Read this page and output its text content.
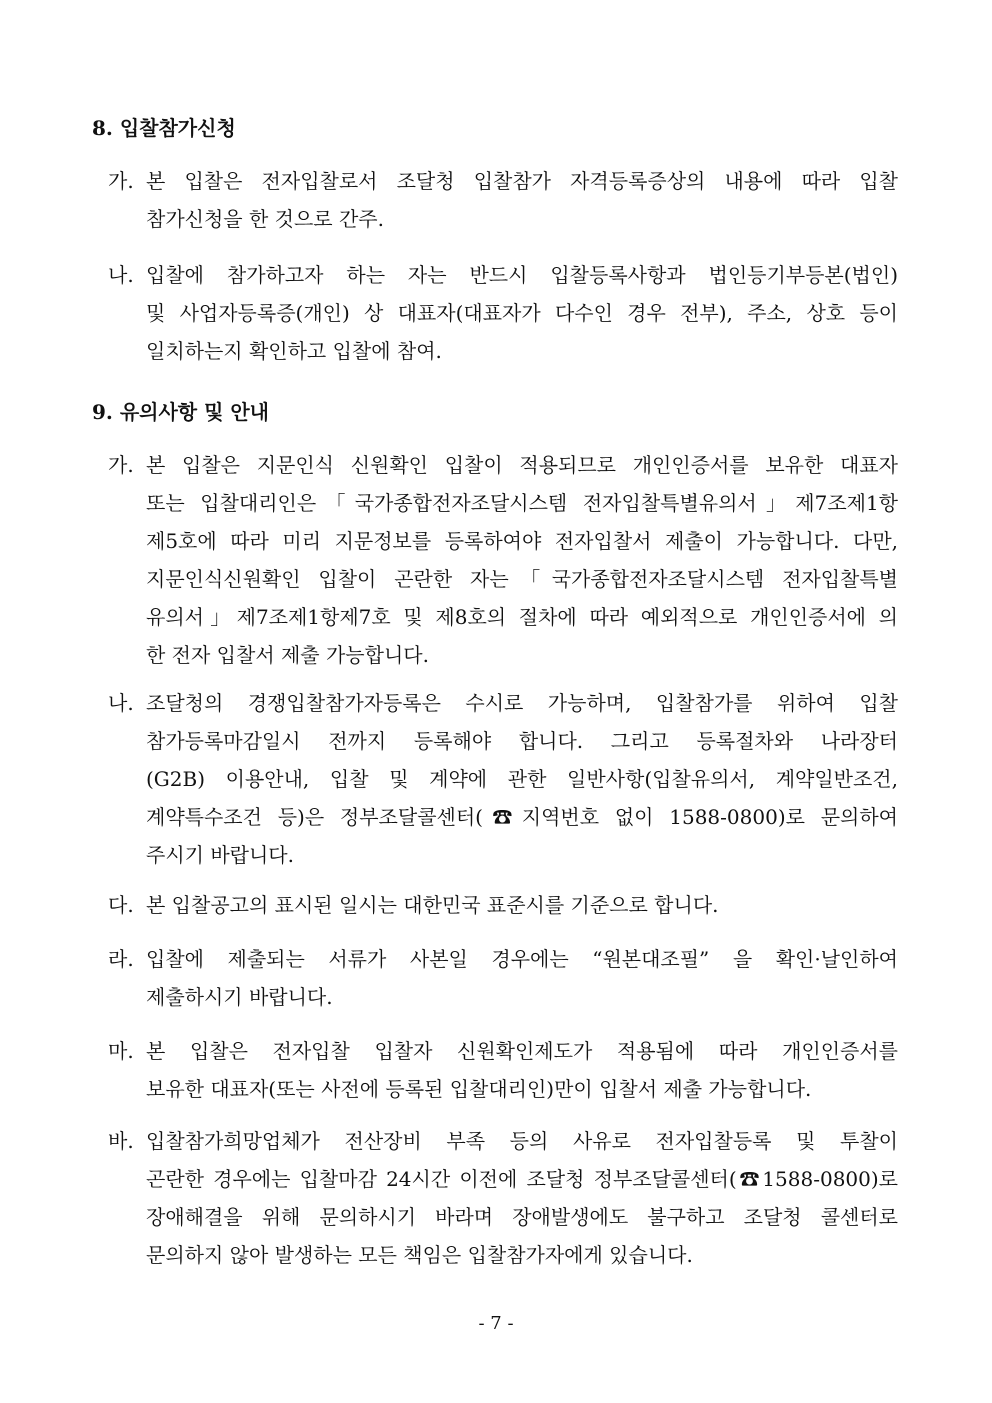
8. 입찰참가신청
가. 본 입찰은 전자입찰로서 조달청 입찰참가 자격등록증상의 내용에 따라 입찰
참가신청을 한 것으로 간주.
나. 입찰에 참가하고자 하는 자는 반드시 입찰등록사항과 법인등기부등본(법인)
및 사업자등록증(개인) 상 대표자(대표자가 다수인 경우 전부), 주소, 상호 등이
일치하는지 확인하고 입찰에 참여.
9. 유의사항 및 안내
가. 본 입찰은 지문인식 신원확인 입찰이 적용되므로 개인인증서를 보유한 대표자
또는 입찰대리인은「국가종합전자조달시스템 전자입찰특별유의서」제7조제1항
제5호에 따라 미리 지문정보를 등록하여야 전자입찰서 제출이 가능합니다. 다만,
지문인식신원확인 입찰이 곤란한 자는「국가종합전자조달시스템 전자입찰특별
유의서」제7조제1항제7호 및 제8호의 절차에 따라 예외적으로 개인인증서에 의
한 전자 입찰서 제출 가능합니다.
나. 조달청의 경쟁입찰참가자등록은 수시로 가능하며, 입찰참가를 위하여 입찰
참가등록마감일시 전까지 등록해야 합니다. 그리고 등록절차와 나라장터
(G2B) 이용안내, 입찰 및 계약에 관한 일반사항(입찰유의서, 계약일반조건,
계약특수조건 등)은 정부조달콜센터(☎지역번호 없이 1588-0800)로 문의하여
주시기 바랍니다.
다. 본 입찰공고의 표시된 일시는 대한민국 표준시를 기준으로 합니다.
라. 입찰에 제출되는 서류가 사본일 경우에는 “원본대조필” 을 확인·날인하여
제출하시기 바랍니다.
마. 본 입찰은 전자입찰 입찰자 신원확인제도가 적용됨에 따라 개인인증서를
보유한 대표자(또는 사전에 등록된 입찰대리인)만이 입찰서 제출 가능합니다.
바. 입찰참가희망업체가 전산장비 부족 등의 사유로 전자입찰등록 및 투찰이
곤란한 경우에는 입찰마감 24시간 이전에 조달청 정부조달콜센터(☎1588-0800)로
장애해결을 위해 문의하시기 바라며 장애발생에도 불구하고 조달청 콜센터로
문의하지 않아 발생하는 모든 책임은 입찰참가자에게 있습니다.
- 7 -
